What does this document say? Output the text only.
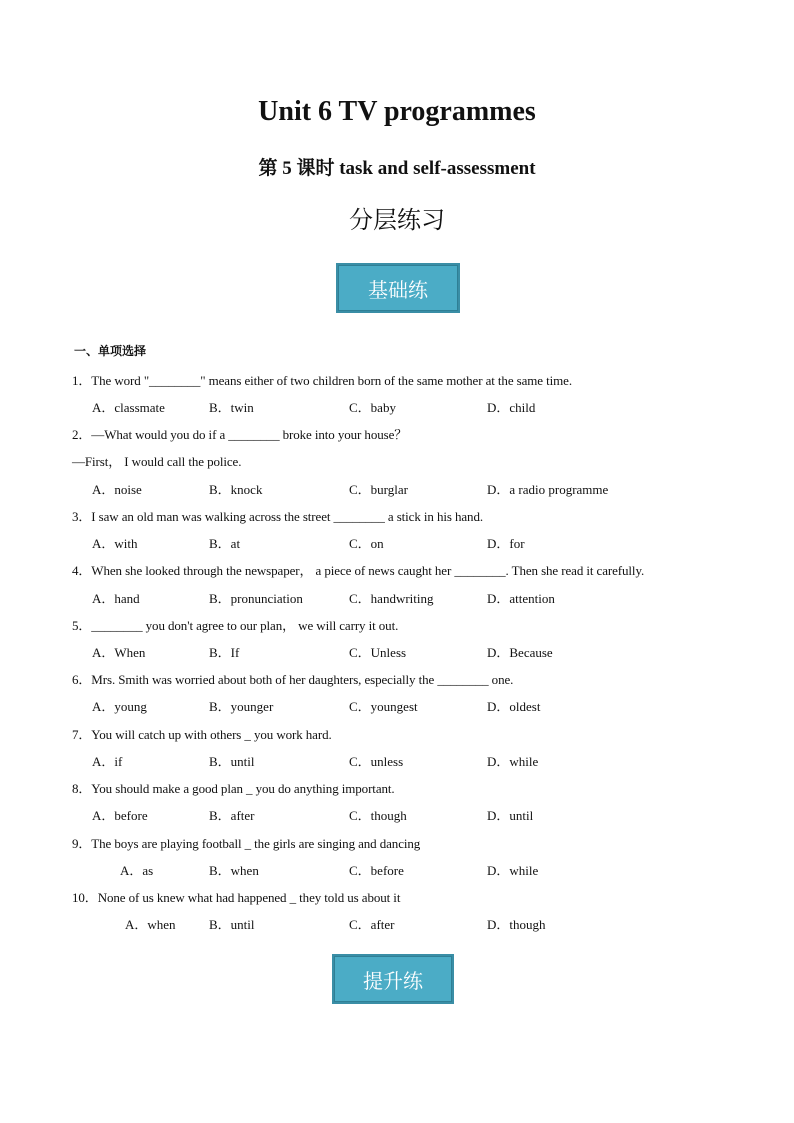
Unit 6 TV programmes
第 5 课时 task and self-assessment
分层练习
基础练
一、单项选择
1．The word "________" means either of two children born of the same mother at the same time.
A．classmate	B．twin	C．baby	D．child
2．—What would you do if a ________ broke into your house？
—First， I would call the police.
A．noise	B．knock	C．burglar	D．a radio programme
3．I saw an old man was walking across the street ________ a stick in his hand.
A．with	B．at	C．on	D．for
4．When she looked through the newspaper， a piece of news caught her ________. Then she read it carefully.
A．hand	B．pronunciation	C．handwriting	D．attention
5．________ you don't agree to our plan， we will carry it out.
A．When	B．If	C．Unless	D．Because
6．Mrs. Smith was worried about both of her daughters, especially the ________ one.
A．young	B．younger	C．youngest	D．oldest
7．You will catch up with others _ you work hard.
A．if	B．until	C．unless	D．while
8．You should make a good plan _ you do anything important.
A．before	B．after	C．though	D．until
9．The boys are playing football _ the girls are singing and dancing
A．as	B．when	C．before	D．while
10．None of us knew what had happened _ they told us about it
A．when	B．until	C．after	D．though
提升练
